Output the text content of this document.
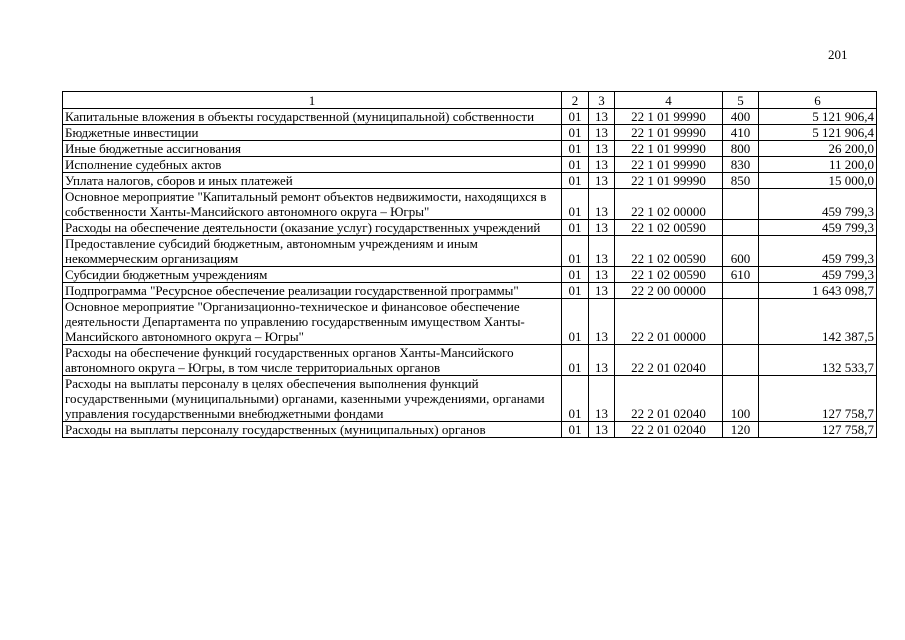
201
1	2	3	4	5	6
Капитальные вложения в объекты государственной (муниципальной) собственности	01	13	22 1 01 99990	400	5 121 906,4
Бюджетные инвестиции	01	13	22 1 01 99990	410	5 121 906,4
Иные бюджетные ассигнования	01	13	22 1 01 99990	800	26 200,0
Исполнение судебных актов	01	13	22 1 01 99990	830	11 200,0
Уплата налогов, сборов и иных платежей	01	13	22 1 01 99990	850	15 000,0
Основное мероприятие "Капитальный ремонт объектов недвижимости, находящихся в собственности Ханты-Мансийского автономного округа – Югры"	01	13	22 1 02 00000		459 799,3
Расходы на обеспечение деятельности (оказание услуг) государственных учреждений	01	13	22 1 02 00590		459 799,3
Предоставление субсидий бюджетным, автономным учреждениям и иным некоммерческим организациям	01	13	22 1 02 00590	600	459 799,3
Субсидии бюджетным учреждениям	01	13	22 1 02 00590	610	459 799,3
Подпрограмма "Ресурсное обеспечение реализации государственной программы"	01	13	22 2 00 00000		1 643 098,7
Основное мероприятие "Организационно-техническое и финансовое обеспечение деятельности Департамента по управлению государственным имуществом Ханты-Мансийского автономного округа – Югры"	01	13	22 2 01 00000		142 387,5
Расходы на обеспечение функций государственных органов Ханты-Мансийского автономного округа – Югры, в том числе территориальных органов	01	13	22 2 01 02040		132 533,7
Расходы на выплаты персоналу в целях обеспечения выполнения функций государственными (муниципальными) органами, казенными учреждениями, органами управления государственными внебюджетными фондами	01	13	22 2 01 02040	100	127 758,7
Расходы на выплаты персоналу государственных (муниципальных) органов	01	13	22 2 01 02040	120	127 758,7
